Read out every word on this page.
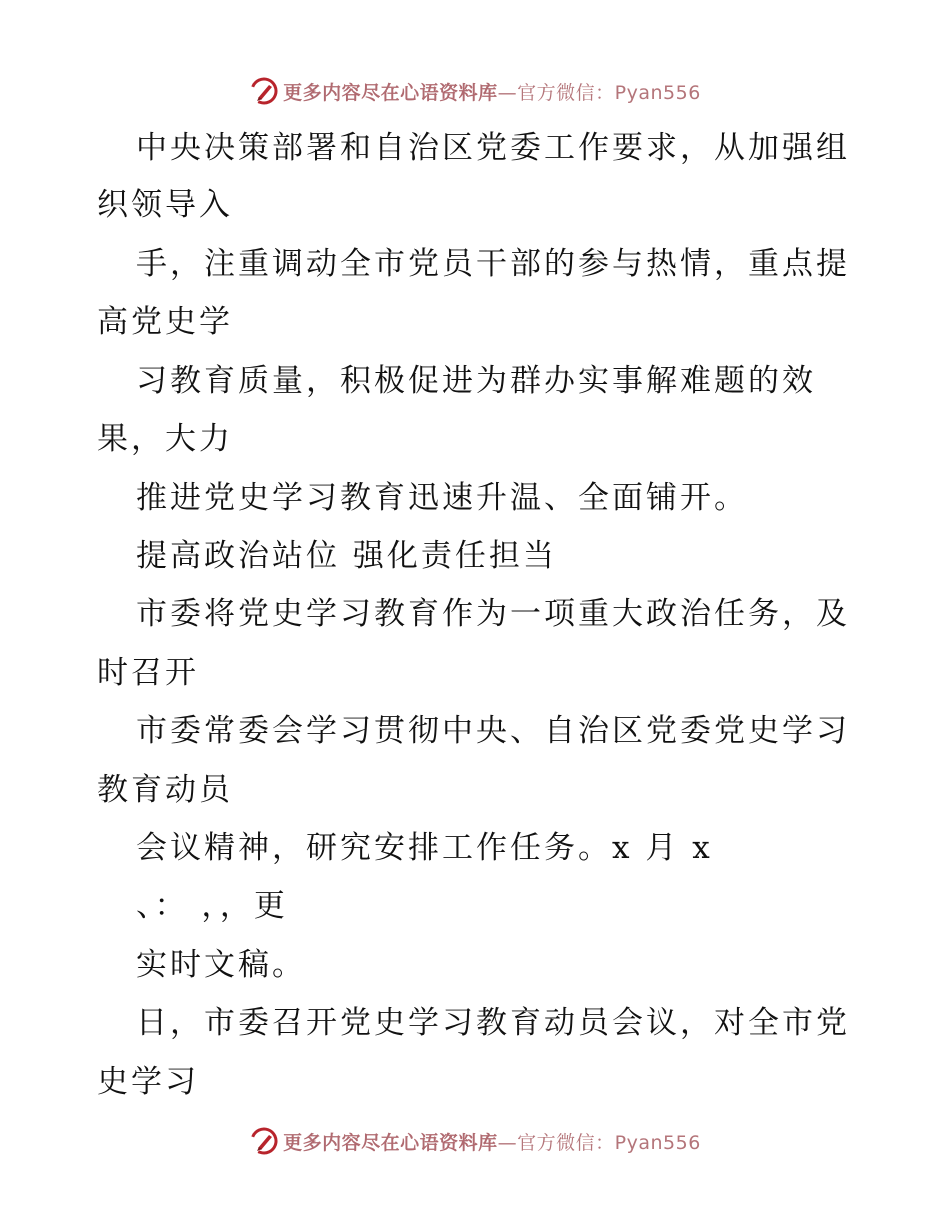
更多内容尽在心语资料库—官方微信：Pyan556
中央决策部署和自治区党委工作要求，从加强组
织领导入
手，注重调动全市党员干部的参与热情，重点提
高党史学
习教育质量，积极促进为群办实事解难题的效
果，大力
推进党史学习教育迅速升温、全面铺开。
提高政治站位 强化责任担当
市委将党史学习教育作为一项重大政治任务，及
时召开
市委常委会学习贯彻中央、自治区党委党史学习
教育动员
会议精神，研究安排工作任务。x 月 x
、： ，，更
实时文稿。
日，市委召开党史学习教育动员会议，对全市党
史学习
更多内容尽在心语资料库—官方微信：Pyan556
